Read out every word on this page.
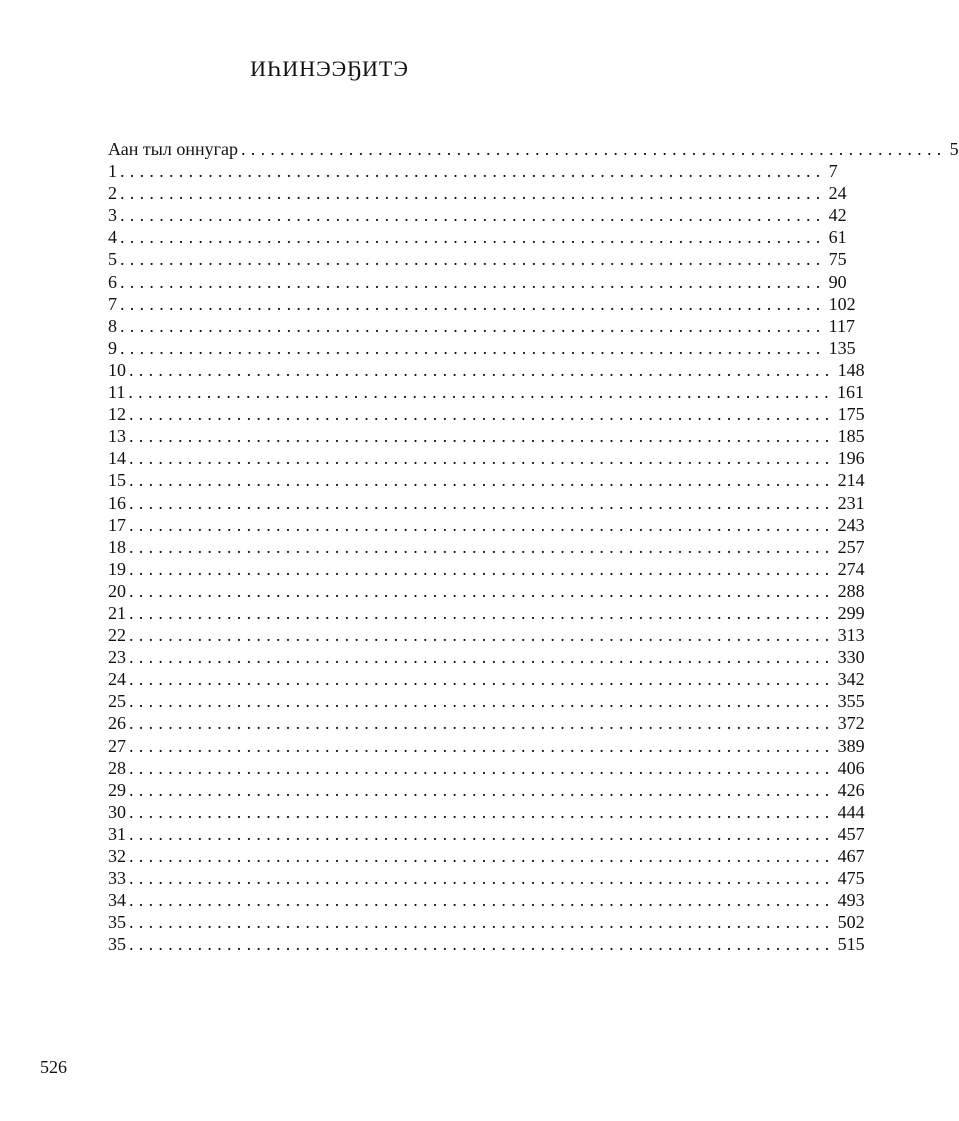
ИҺИНЭЭҔИТЭ
Аан тыл оннугар ........................................................................ 5
1 ........................................................................ 7
2 ........................................................................ 24
3 ........................................................................ 42
4 ........................................................................ 61
5 ........................................................................ 75
6 ........................................................................ 90
7 ........................................................................ 102
8 ........................................................................ 117
9 ........................................................................ 135
10 ........................................................................ 148
11 ........................................................................ 161
12 ........................................................................ 175
13 ........................................................................ 185
14 ........................................................................ 196
15 ........................................................................ 214
16 ........................................................................ 231
17 ........................................................................ 243
18 ........................................................................ 257
19 ........................................................................ 274
20 ........................................................................ 288
21 ........................................................................ 299
22 ........................................................................ 313
23 ........................................................................ 330
24 ........................................................................ 342
25 ........................................................................ 355
26 ........................................................................ 372
27 ........................................................................ 389
28 ........................................................................ 406
29 ........................................................................ 426
30 ........................................................................ 444
31 ........................................................................ 457
32 ........................................................................ 467
33 ........................................................................ 475
34 ........................................................................ 493
35 ........................................................................ 502
35 ........................................................................ 515
526
